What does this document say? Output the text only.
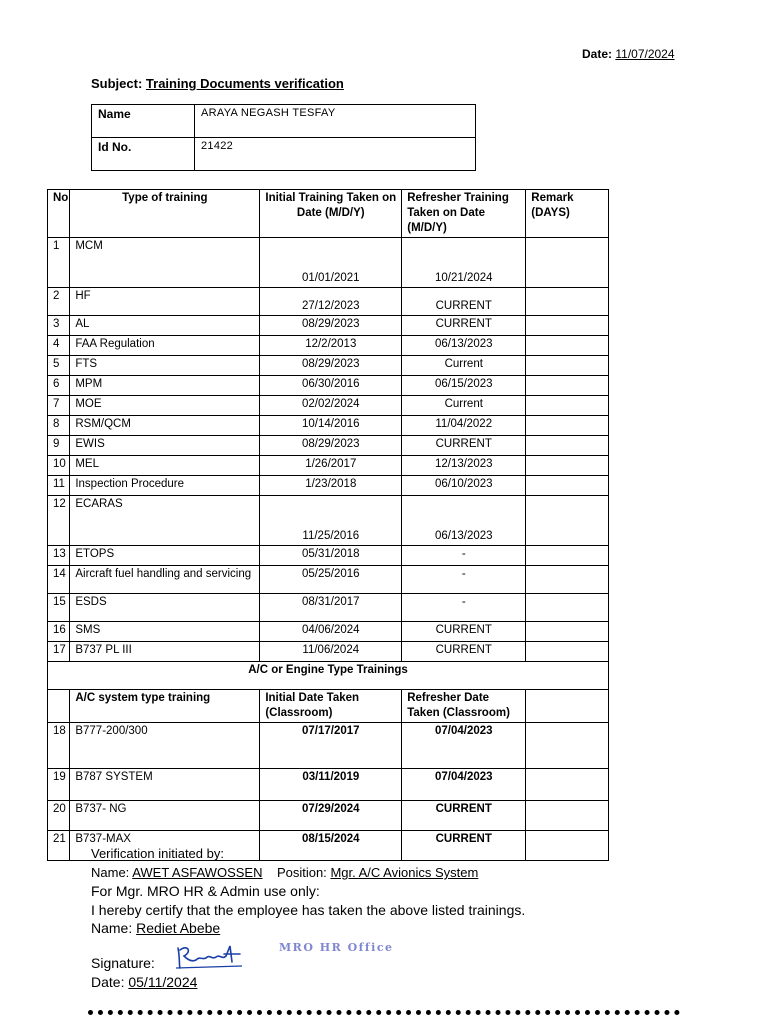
Date: 11/07/2024
Subject: Training Documents verification
Name	ARAYA NEGASH TESFAY
Id No.	21422
No	Type of training	Initial Training Taken on Date (M/D/Y)	Refresher Training Taken on Date (M/D/Y)	Remark (DAYS)
1	MCM	01/01/2021	10/21/2024	
2	HF	27/12/2023	CURRENT	
3	AL	08/29/2023	CURRENT	
4	FAA Regulation	12/2/2013	06/13/2023	
5	FTS	08/29/2023	Current	
6	MPM	06/30/2016	06/15/2023	
7	MOE	02/02/2024	Current	
8	RSM/QCM	10/14/2016	11/04/2022	
9	EWIS	08/29/2023	CURRENT	
10	MEL	1/26/2017	12/13/2023	
11	Inspection Procedure	1/23/2018	06/10/2023	
12	ECARAS	11/25/2016	06/13/2023	
13	ETOPS	05/31/2018	-	
14	Aircraft fuel handling and servicing	05/25/2016	-	
15	ESDS	08/31/2017	-	
16	SMS	04/06/2024	CURRENT	
17	B737 PL III	11/06/2024	CURRENT	
A/C or Engine Type Trainings				
	A/C system type training	Initial Date Taken (Classroom)	Refresher Date Taken (Classroom)	
18	B777-200/300	07/17/2017	07/04/2023	
19	B787 SYSTEM	03/11/2019	07/04/2023	
20	B737- NG	07/29/2024	CURRENT	
21	B737-MAX	08/15/2024	CURRENT	
Verification initiated by:
Name: AWET ASFAWOSSEN Position: Mgr. A/C Avionics System
For Mgr. MRO HR & Admin use only:
I hereby certify that the employee has taken the above listed trainings.
Name: Rediet Abebe
Signature:
MRO HR Office
Date: 05/11/2024
